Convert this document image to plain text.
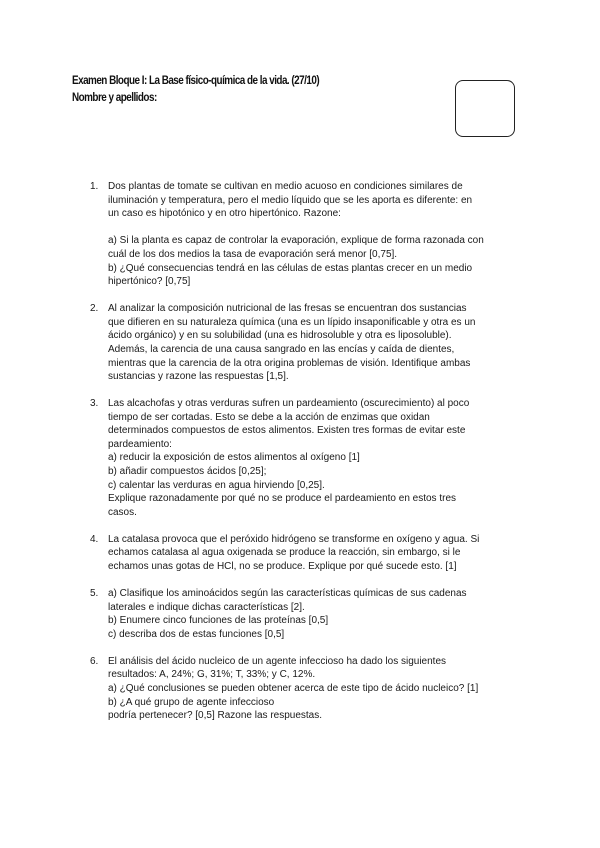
Examen Bloque I: La Base físico-química de la vida. (27/10)
Nombre y apellidos:
1. Dos plantas de tomate se cultivan en medio acuoso en condiciones similares de

iluminación y temperatura, pero el medio líquido que se les aporta es diferente: en

un caso es hipotónico y en otro hipertónico. Razone:

a) Si la planta es capaz de controlar la evaporación, explique de forma razonada con

cuál de los dos medios la tasa de evaporación será menor [0,75].

b) ¿Qué consecuencias tendrá en las células de estas plantas crecer en un medio

hipertónico? [0,75]

2. Al analizar la composición nutricional de las fresas se encuentran dos sustancias

que difieren en su naturaleza química (una es un lípido insaponificable y otra es un

ácido orgánico) y en su solubilidad (una es hidrosoluble y otra es liposoluble).

Además, la carencia de una causa sangrado en las encías y caída de dientes,

mientras que la carencia de la otra origina problemas de visión. Identifique ambas

sustancias y razone las respuestas [1,5].

3. Las alcachofas y otras verduras sufren un pardeamiento (oscurecimiento) al poco

tiempo de ser cortadas. Esto se debe a la acción de enzimas que oxidan

determinados compuestos de estos alimentos. Existen tres formas de evitar este

pardeamiento:

a) reducir la exposición de estos alimentos al oxígeno [1]

b) añadir compuestos ácidos [0,25];

c) calentar las verduras en agua hirviendo [0,25].

Explique razonadamente por qué no se produce el pardeamiento en estos tres

casos.

4. La catalasa provoca que el peróxido hidrógeno se transforme en oxígeno y agua. Si

echamos catalasa al agua oxigenada se produce la reacción, sin embargo, si le

echamos unas gotas de HCl, no se produce. Explique por qué sucede esto. [1]

5. a) Clasifique los aminoácidos según las características químicas de sus cadenas

laterales e indique dichas características [2].

b) Enumere cinco funciones de las proteínas [0,5]

c) describa dos de estas funciones [0,5]

6. El análisis del ácido nucleico de un agente infeccioso ha dado los siguientes

resultados: A, 24%; G, 31%; T, 33%; y C, 12%.

a) ¿Qué conclusiones se pueden obtener acerca de este tipo de ácido nucleico? [1]

b) ¿A qué grupo de agente infeccioso

podría pertenecer? [0,5] Razone las respuestas.
